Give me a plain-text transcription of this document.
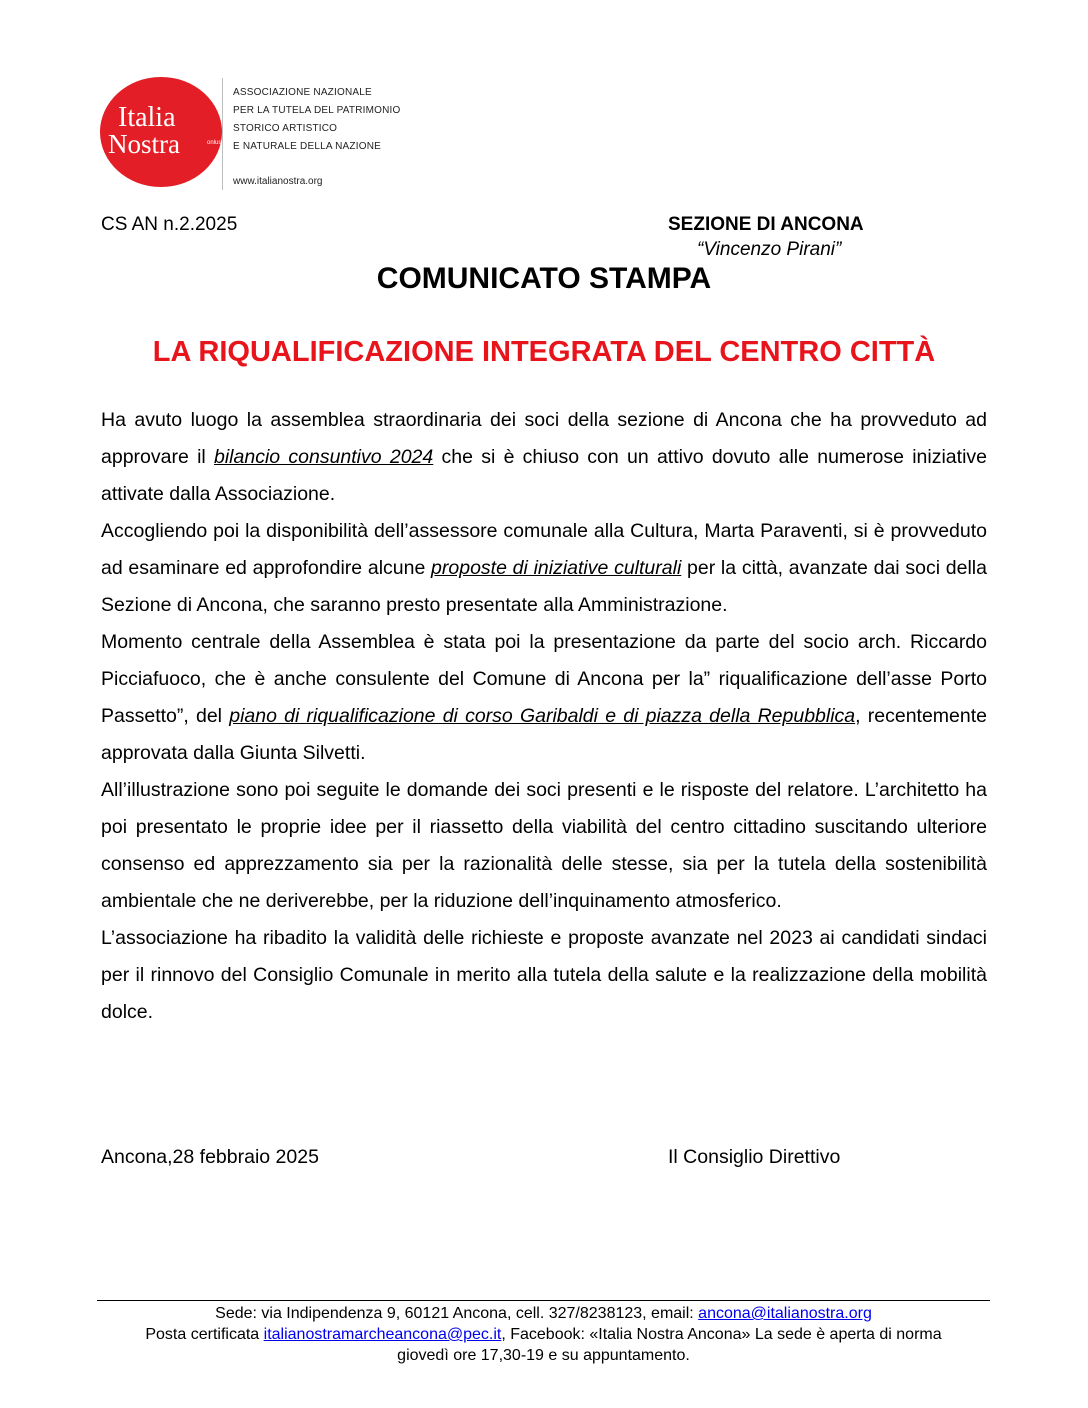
Italia
Nostra	onlus
ASSOCIAZIONE NAZIONALE
PER LA TUTELA DEL PATRIMONIO
STORICO ARTISTICO
E NATURALE DELLA NAZIONE
www.italianostra.org
CS AN n.2.2025	SEZIONE DI ANCONA
“Vincenzo Pirani”
COMUNICATO STAMPA
LA RIQUALIFICAZIONE INTEGRATA DEL CENTRO CITTÀ

Ha avuto luogo la assemblea straordinaria dei soci della sezione di Ancona che ha provveduto ad approvare il bilancio consuntivo 2024 che si è chiuso con un attivo dovuto alle numerose iniziative attivate dalla Associazione.

Accogliendo poi la disponibilità dell’assessore comunale alla Cultura, Marta Paraventi, si è provveduto ad esaminare ed approfondire alcune proposte di iniziative culturali per la città, avanzate dai soci della Sezione di Ancona, che saranno presto presentate alla Amministrazione.

Momento centrale della Assemblea è stata poi la presentazione da parte del socio arch. Riccardo Picciafuoco, che è anche consulente del Comune di Ancona per la” riqualificazione dell’asse Porto Passetto”, del piano di riqualificazione di corso Garibaldi e di piazza della Repubblica, recentemente approvata dalla Giunta Silvetti.

All’illustrazione sono poi seguite le domande dei soci presenti e le risposte del relatore. L’architetto ha poi presentato le proprie idee per il riassetto della viabilità del centro cittadino suscitando ulteriore consenso ed apprezzamento sia per la razionalità delle stesse, sia per la tutela della sostenibilità ambientale che ne deriverebbe, per la riduzione dell’inquinamento atmosferico.

L’associazione ha ribadito la validità delle richieste e proposte avanzate nel 2023 ai candidati sindaci per il rinnovo del Consiglio Comunale in merito alla tutela della salute e la realizzazione della mobilità dolce.

Ancona,28 febbraio 2025	Il Consiglio Direttivo
Sede: via Indipendenza 9, 60121 Ancona, cell. 327/8238123, email: ancona@italianostra.org
Posta certificata italianostramarcheancona@pec.it, Facebook: «Italia Nostra Ancona» La sede è aperta di norma
giovedì ore 17,30-19 e su appuntamento.
